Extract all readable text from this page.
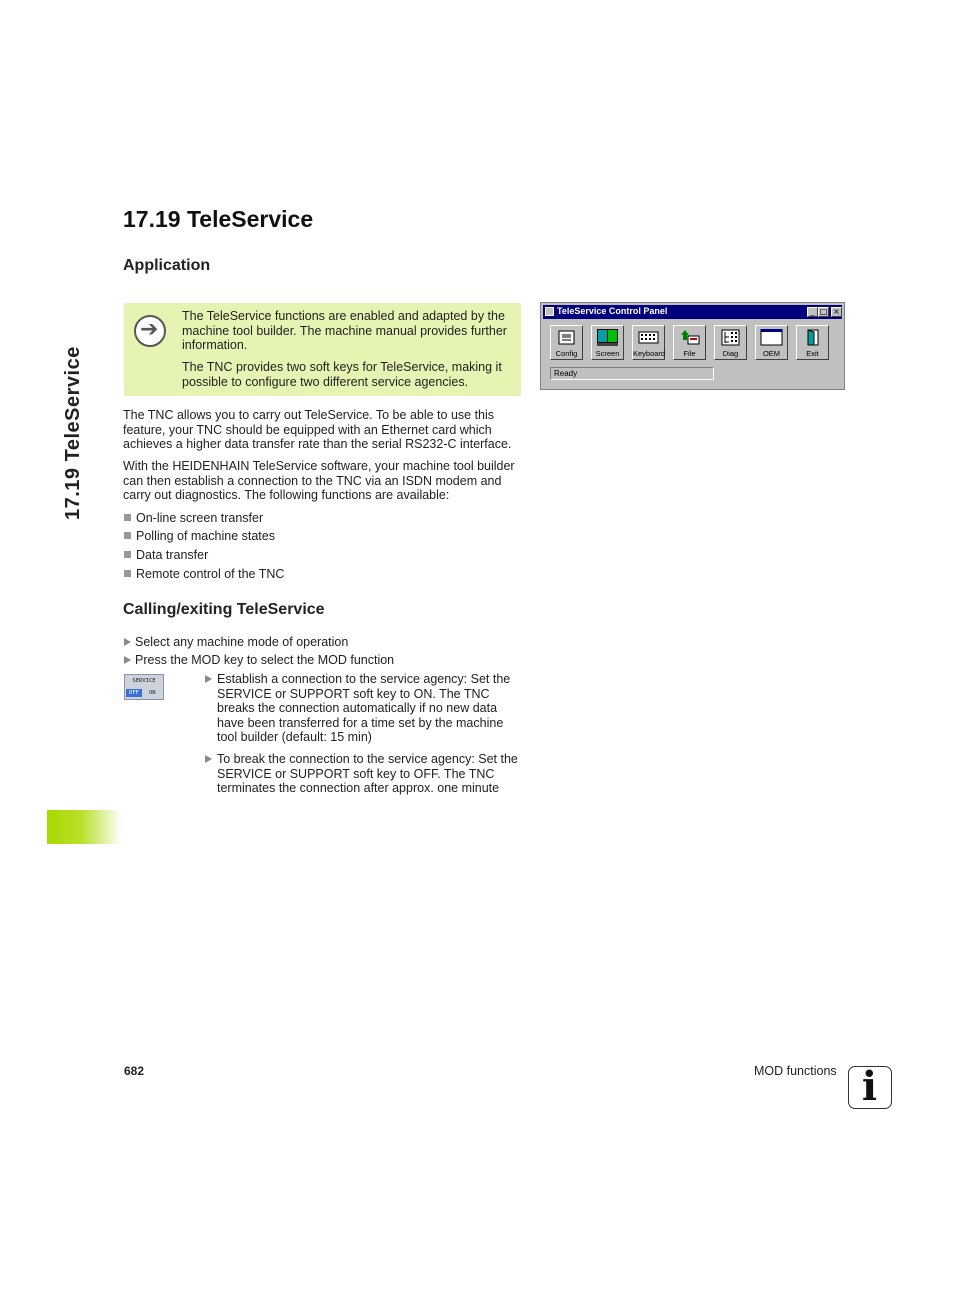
17.19 TeleService
17.19 TeleService
Application
➔

The TeleService functions are enabled and adapted by the machine tool builder. The machine manual provides further information.

The TNC provides two soft keys for TeleService, making it possible to configure two different service agencies.

TeleService Control Panel	_ □ ×
Config	Screen	Keyboard	File	Diag	OEM	Exit
Ready

The TNC allows you to carry out TeleService. To be able to use this feature, your TNC should be equipped with an Ethernet card which achieves a higher data transfer rate than the serial RS232-C interface.

With the HEIDENHAIN TeleService software, your machine tool builder can then establish a connection to the TNC via an ISDN modem and carry out diagnostics. The following functions are available:

On-line screen transfer
Polling of machine states
Data transfer
Remote control of the TNC
Calling/exiting TeleService
Select any machine mode of operation
Press the MOD key to select the MOD function
SERVICE
OFF	ON
Establish a connection to the service agency: Set the SERVICE or SUPPORT soft key to ON. The TNC breaks the connection automatically if no new data have been transferred for a time set by the machine tool builder (default: 15 min)
To break the connection to the service agency: Set the SERVICE or SUPPORT soft key to OFF. The TNC terminates the connection after approx. one minute
682	MOD functions i
